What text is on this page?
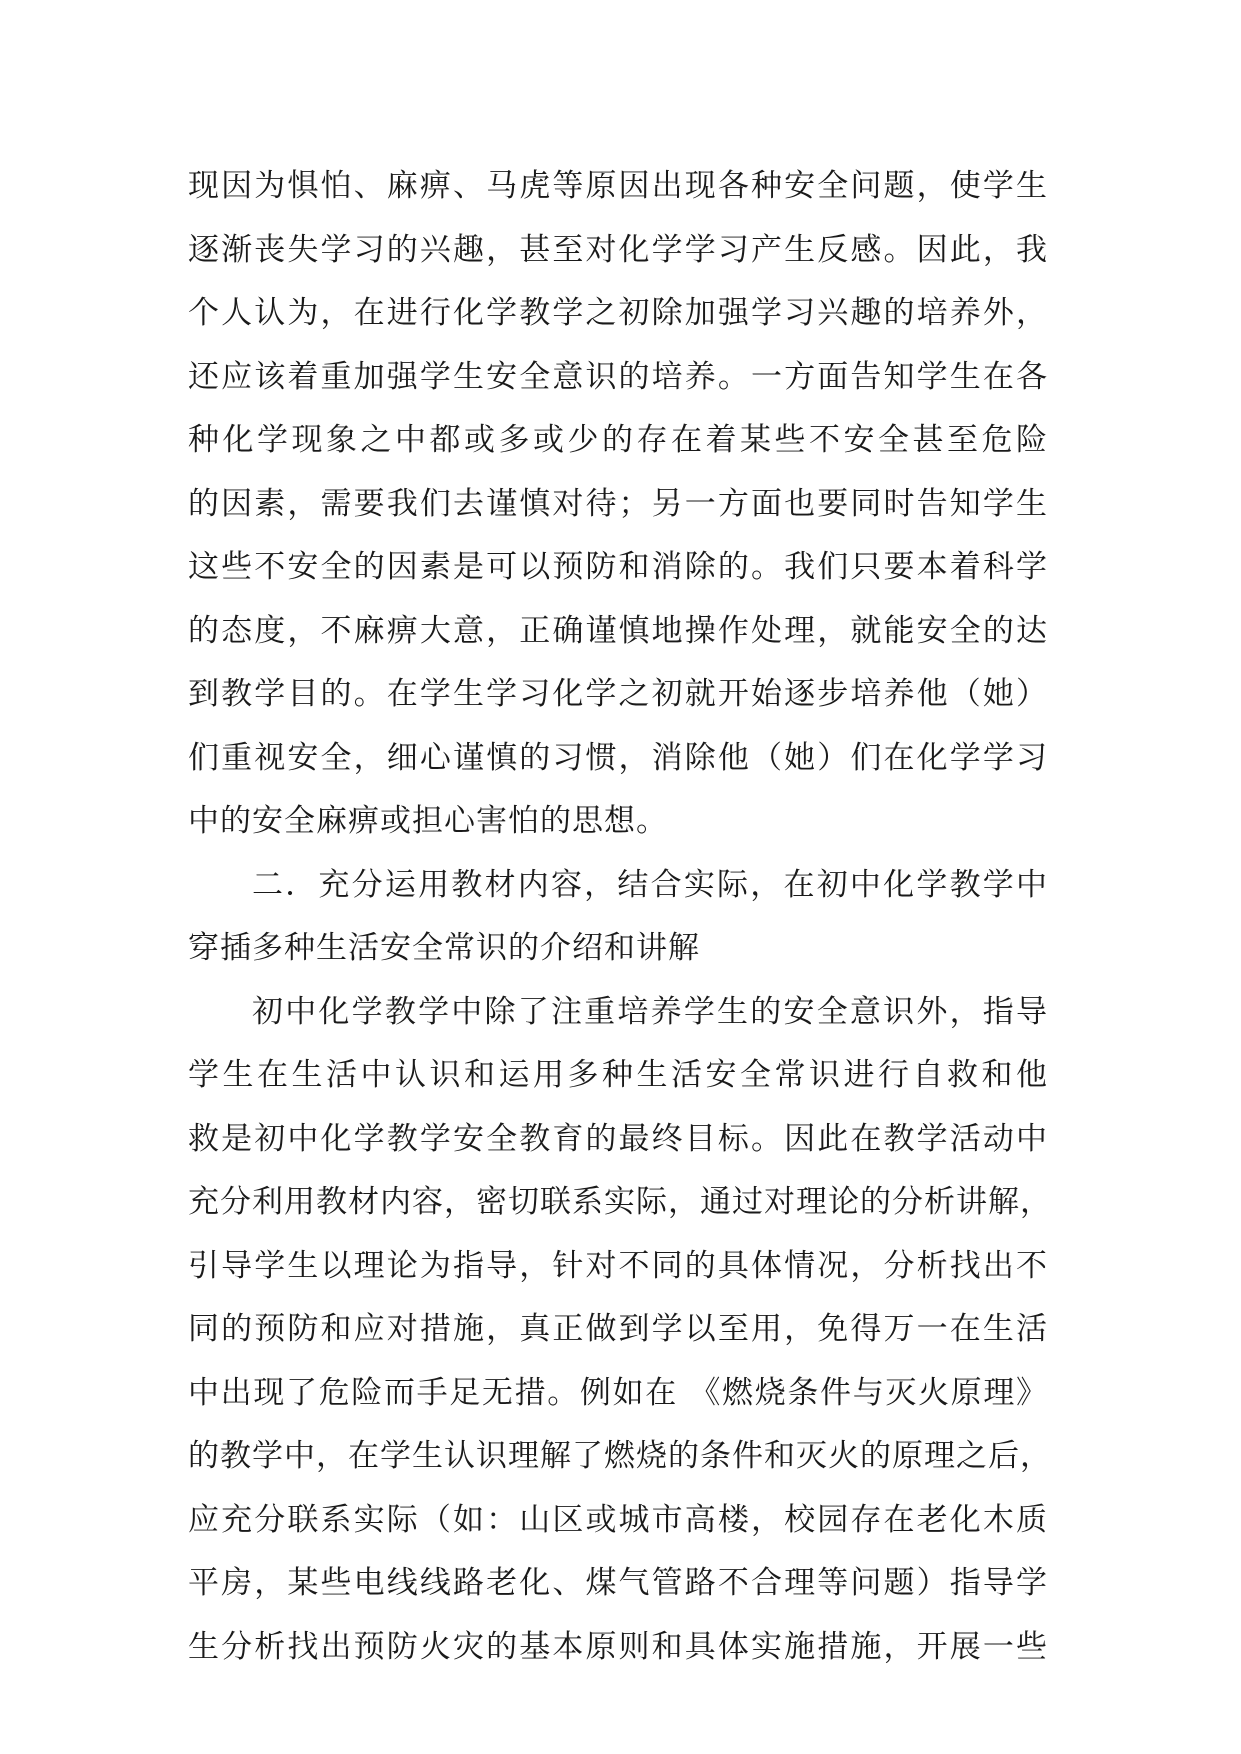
现因为惧怕、麻痹、马虎等原因出现各种安全问题，使学生
逐渐丧失学习的兴趣，甚至对化学学习产生反感。因此，我
个人认为，在进行化学教学之初除加强学习兴趣的培养外，
还应该着重加强学生安全意识的培养。一方面告知学生在各
种化学现象之中都或多或少的存在着某些不安全甚至危险
的因素，需要我们去谨慎对待；另一方面也要同时告知学生
这些不安全的因素是可以预防和消除的。我们只要本着科学
的态度，不麻痹大意，正确谨慎地操作处理，就能安全的达
到教学目的。在学生学习化学之初就开始逐步培养他（她）
们重视安全，细心谨慎的习惯，消除他（她）们在化学学习
中的安全麻痹或担心害怕的思想。
二．充分运用教材内容，结合实际，在初中化学教学中
穿插多种生活安全常识的介绍和讲解
初中化学教学中除了注重培养学生的安全意识外，指导
学生在生活中认识和运用多种生活安全常识进行自救和他
救是初中化学教学安全教育的最终目标。因此在教学活动中
充分利用教材内容，密切联系实际，通过对理论的分析讲解，
引导学生以理论为指导，针对不同的具体情况，分析找出不
同的预防和应对措施，真正做到学以至用，免得万一在生活
中出现了危险而手足无措。例如在 《燃烧条件与灭火原理》
的教学中，在学生认识理解了燃烧的条件和灭火的原理之后，
应充分联系实际（如：山区或城市高楼，校园存在老化木质
平房，某些电线线路老化、煤气管路不合理等问题）指导学
生分析找出预防火灾的基本原则和具体实施措施，开展一些
